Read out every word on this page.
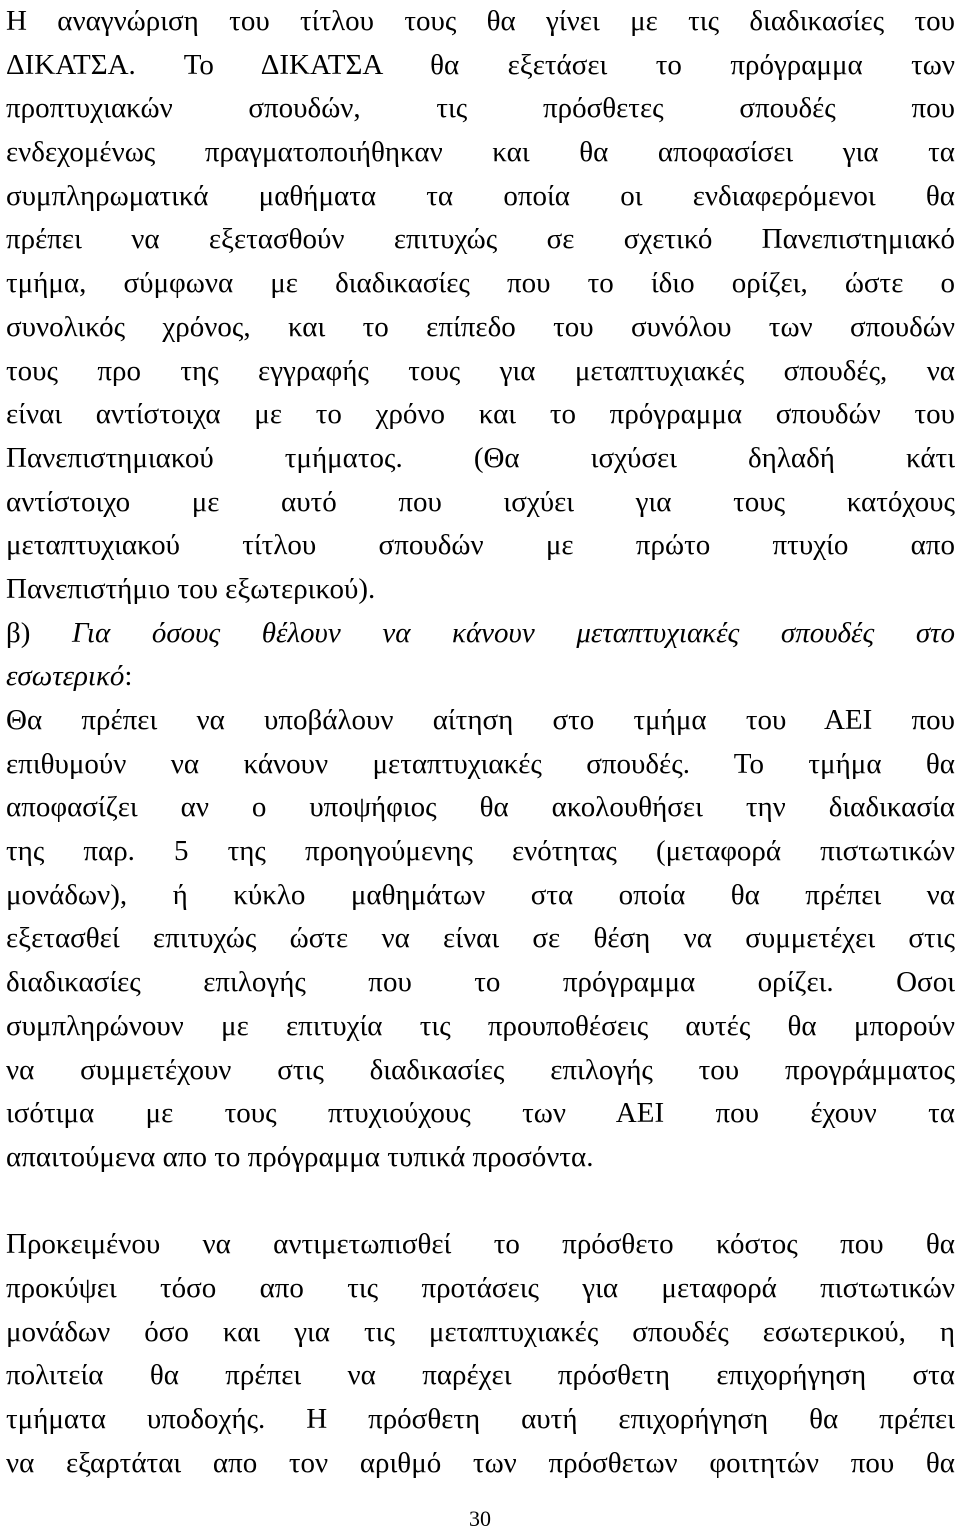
Η αναγνώριση του τίτλου τους θα γίνει με τις διαδικασίες του
ΔΙΚΑΤΣΑ. Το ΔΙΚΑΤΣΑ θα εξετάσει το πρόγραμμα των
προπτυχιακών σπουδών, τις πρόσθετες σπουδές που
ενδεχομένως πραγματοποιήθηκαν και θα αποφασίσει για τα
συμπληρωματικά μαθήματα τα οποία οι ενδιαφερόμενοι θα
πρέπει να εξετασθούν επιτυχώς σε σχετικό Πανεπιστημιακό
τμήμα, σύμφωνα με διαδικασίες που το ίδιο ορίζει, ώστε ο
συνολικός χρόνος, και το επίπεδο του συνόλου των σπουδών
τους προ της εγγραφής τους για μεταπτυχιακές σπουδές, να
είναι αντίστοιχα με το χρόνο και το πρόγραμμα σπουδών του
Πανεπιστημιακού τμήματος. (Θα ισχύσει δηλαδή κάτι
αντίστοιχο με αυτό που ισχύει για τους κατόχους
μεταπτυχιακού τίτλου σπουδών με πρώτο πτυχίο απο
Πανεπιστήμιο του εξωτερικού).
β) Για όσους θέλουν να κάνουν μεταπτυχιακές σπουδές στο
εσωτερικό:
Θα πρέπει να υποβάλουν αίτηση στο τμήμα του ΑΕΙ που
επιθυμούν να κάνουν μεταπτυχιακές σπουδές. Το τμήμα θα
αποφασίζει αν ο υποψήφιος θα ακολουθήσει την διαδικασία
της παρ. 5 της προηγούμενης ενότητας (μεταφορά πιστωτικών
μονάδων), ή κύκλο μαθημάτων στα οποία θα πρέπει να
εξετασθεί επιτυχώς ώστε να είναι σε θέση να συμμετέχει στις
διαδικασίες επιλογής που το πρόγραμμα ορίζει. Οσοι
συμπληρώνουν με επιτυχία τις προυποθέσεις αυτές θα μπορούν
να συμμετέχουν στις διαδικασίες επιλογής του προγράμματος
ισότιμα με τους πτυχιούχους των ΑΕΙ που έχουν τα
απαιτούμενα απο το πρόγραμμα τυπικά προσόντα.
Προκειμένου να αντιμετωπισθεί το πρόσθετο κόστος που θα
προκύψει τόσο απο τις προτάσεις για μεταφορά πιστωτικών
μονάδων όσο και για τις μεταπτυχιακές σπουδές εσωτερικού, η
πολιτεία θα πρέπει να παρέχει πρόσθετη επιχορήγηση στα
τμήματα υποδοχής. Η πρόσθετη αυτή επιχορήγηση θα πρέπει
να εξαρτάται απο τον αριθμό των πρόσθετων φοιτητών που θα
30
